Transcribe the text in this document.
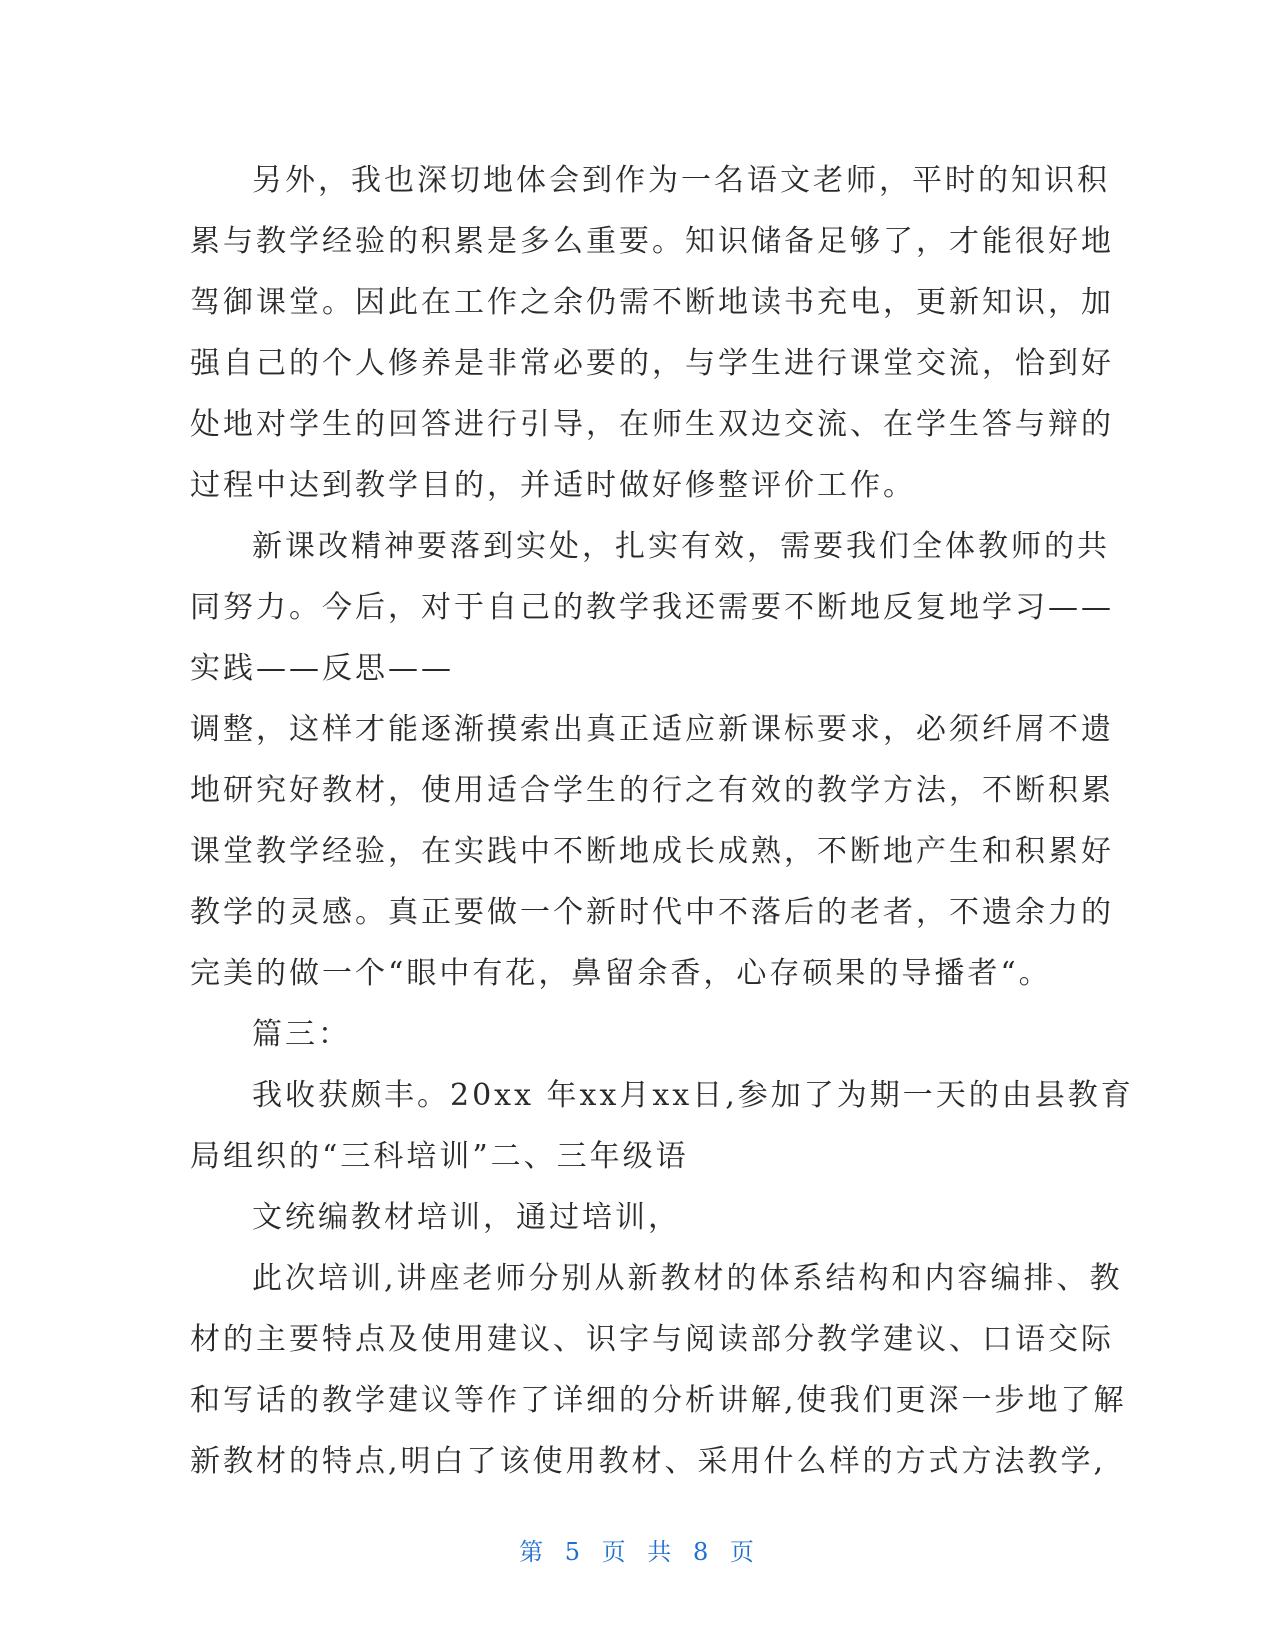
另外，我也深切地体会到作为一名语文老师，平时的知识积
累与教学经验的积累是多么重要。知识储备足够了，才能很好地
驾御课堂。因此在工作之余仍需不断地读书充电，更新知识，加
强自己的个人修养是非常必要的，与学生进行课堂交流，恰到好
处地对学生的回答进行引导，在师生双边交流、在学生答与辩的
过程中达到教学目的，并适时做好修整评价工作。

新课改精神要落到实处，扎实有效，需要我们全体教师的共
同努力。今后，对于自己的教学我还需要不断地反复地学习——
实践——反思——

调整，这样才能逐渐摸索出真正适应新课标要求，必须纤屑不遗
地研究好教材，使用适合学生的行之有效的教学方法，不断积累
课堂教学经验，在实践中不断地成长成熟，不断地产生和积累好
教学的灵感。真正要做一个新时代中不落后的老者，不遗余力的
完美的做一个“眼中有花，鼻留余香，心存硕果的导播者“。

篇三：

我收获颇丰。20xx 年xx月xx日,参加了为期一天的由县教育
局组织的“三科培训”二、三年级语

文统编教材培训，通过培训，

此次培训,讲座老师分别从新教材的体系结构和内容编排、教
材的主要特点及使用建议、识字与阅读部分教学建议、口语交际
和写话的教学建议等作了详细的分析讲解,使我们更深一步地了解
新教材的特点,明白了该使用教材、采用什么样的方式方法教学,

第 5 页 共 8 页
